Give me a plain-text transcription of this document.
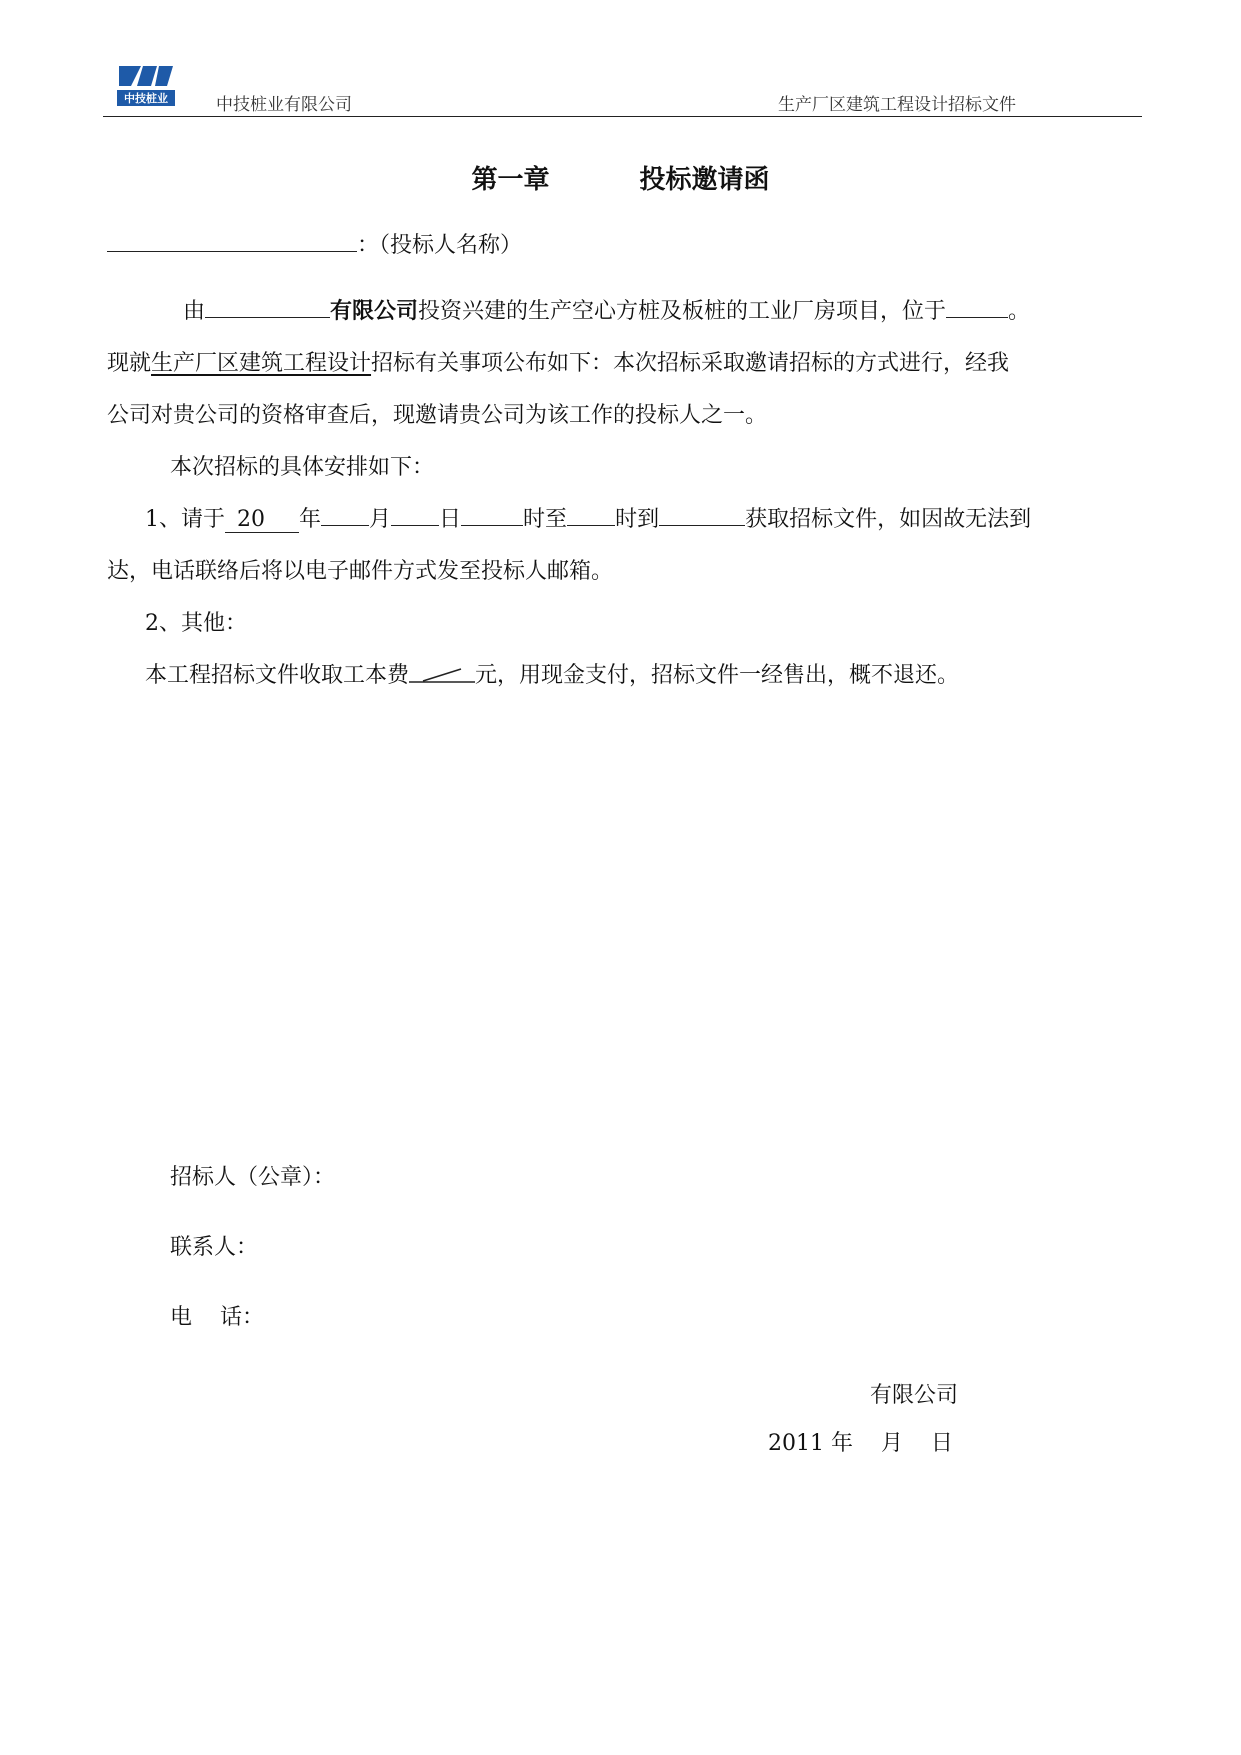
中技桩业	中技桩业有限公司	生产厂区建筑工程设计招标文件
第一章	投标邀请函
：（投标人名称）
由	有限公司投资兴建的生产空心方桩及板桩的工业厂房项目，位于	。
现就生产厂区建筑工程设计招标有关事项公布如下：本次招标采取邀请招标的方式进行，经我
公司对贵公司的资格审查后，现邀请贵公司为该工作的投标人之一。
本次招标的具体安排如下：
1、请于 20 年 月 日	时至 时到	获取招标文件，如因故无法到
达，电话联络后将以电子邮件方式发至投标人邮箱。
2、其他：
本工程招标文件收取工本费	元，用现金支付，招标文件一经售出，概不退还。
招标人（公章）：
联系人：
电    话：
有限公司
2011 年    月    日
